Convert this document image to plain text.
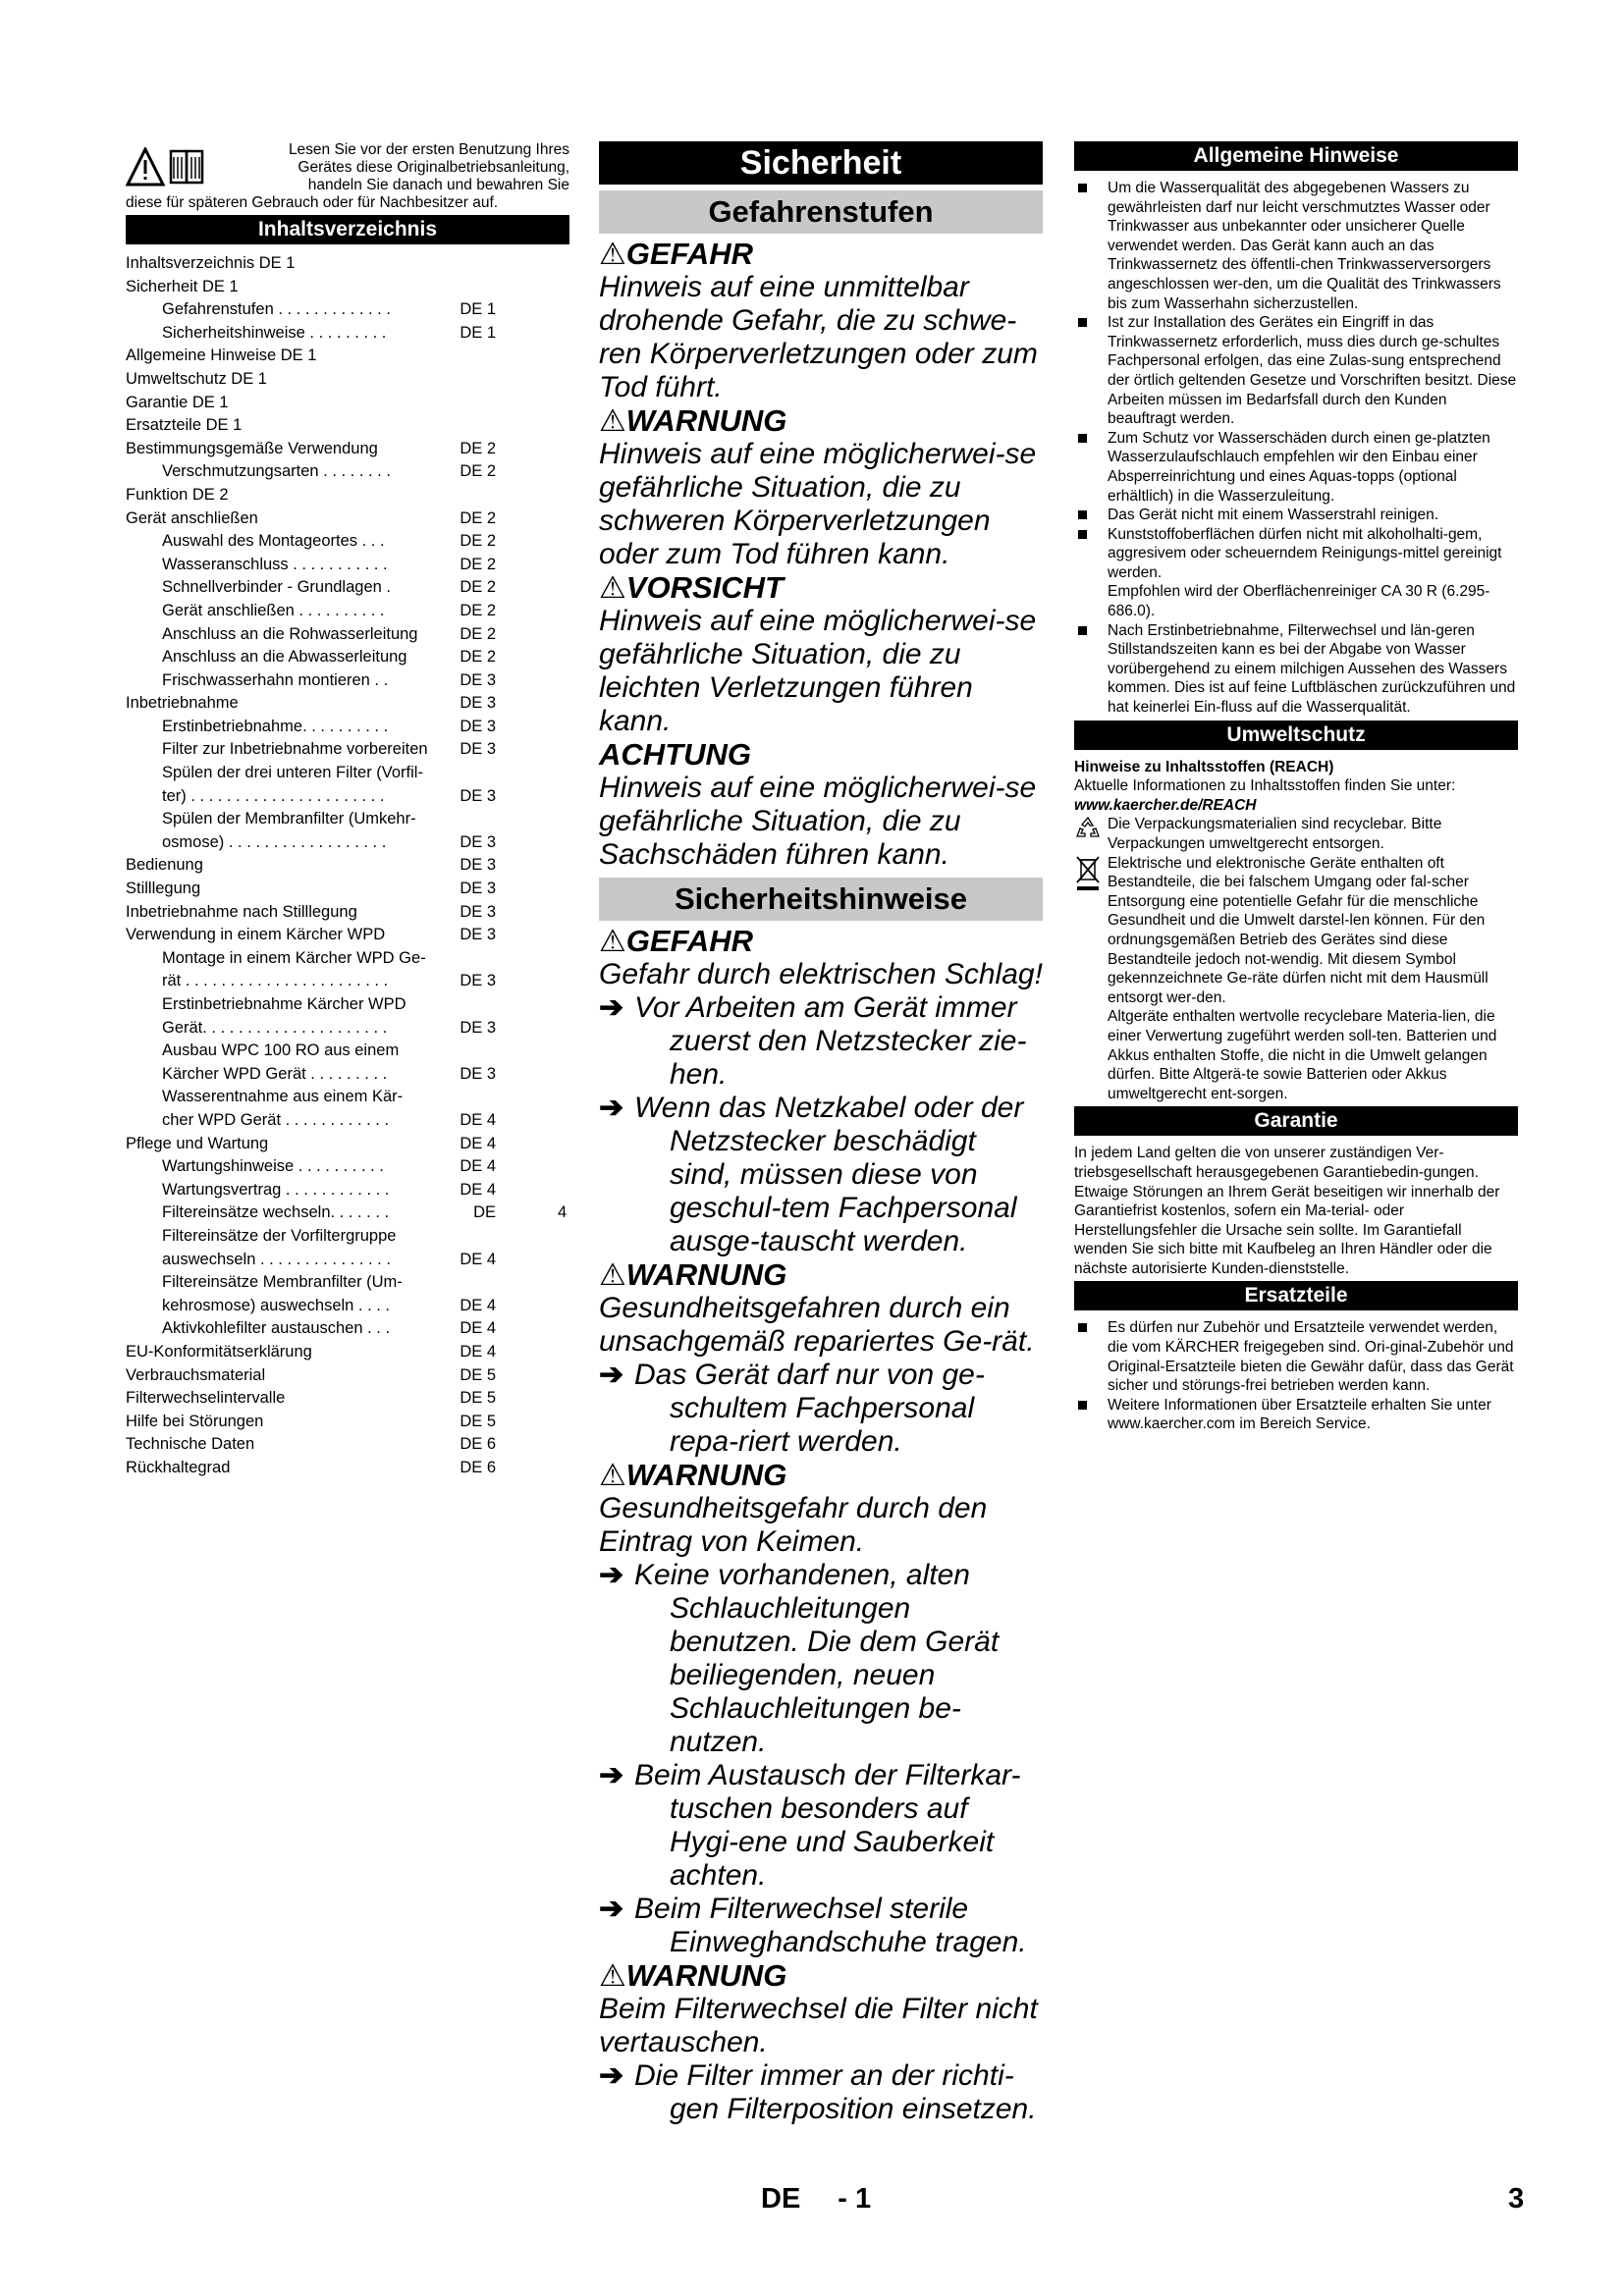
Lesen Sie vor der ersten Benutzung Ihres
Gerätes diese Originalbetriebsanleitung,
handeln Sie danach und bewahren Sie
diese für späteren Gebrauch oder für Nachbesitzer auf.
Inhaltsverzeichnis
Inhaltsverzeichnis DE 1
Sicherheit DE 1
Gefahrenstufen . . . . . . . . . . . . .	DE 1
Sicherheitshinweise . . . . . . . . .	DE 1
Allgemeine Hinweise DE 1
Umweltschutz DE 1
Garantie DE 1
Ersatzteile DE 1
Bestimmungsgemäße Verwendung	DE 2
Verschmutzungsarten . . . . . . . .	DE 2
Funktion DE 2
Gerät anschließen	DE 2
Auswahl des Montageortes . . .	DE 2
Wasseranschluss . . . . . . . . . . .	DE 2
Schnellverbinder - Grundlagen .	DE 2
Gerät anschließen . . . . . . . . . .	DE 2
Anschluss an die Rohwasserleitung	DE 2
Anschluss an die Abwasserleitung	DE 2
Frischwasserhahn montieren . .	DE 3
Inbetriebnahme	DE 3
Erstinbetriebnahme. . . . . . . . . .	DE 3
Filter zur Inbetriebnahme vorbereiten DE 3
Spülen der drei unteren Filter (Vorfil-
ter) . . . . . . . . . . . . . . . . . . . . . .	DE 3
Spülen der Membranfilter (Umkehr-
osmose) . . . . . . . . . . . . . . . . . .	DE 3
Bedienung	DE 3
Stilllegung	DE 3
Inbetriebnahme nach Stilllegung	DE 3
Verwendung in einem Kärcher WPD	DE 3
Montage in einem Kärcher WPD Ge-
rät . . . . . . . . . . . . . . . . . . . . . . .	DE 3
Erstinbetriebnahme Kärcher WPD
Gerät. . . . . . . . . . . . . . . . . . . . .	DE 3
Ausbau WPC 100 RO aus einem
Kärcher WPD Gerät . . . . . . . . .	DE 3
Wasserentnahme aus einem Kär-
cher WPD Gerät . . . . . . . . . . . .	DE 4
Pflege und Wartung	DE 4
Wartungshinweise . . . . . . . . . .	DE 4
Wartungsvertrag . . . . . . . . . . . .	DE 4
Filtereinsätze wechseln. . . . . . .	DE	4
Filtereinsätze der Vorfiltergruppe
auswechseln . . . . . . . . . . . . . . .	DE 4
Filtereinsätze Membranfilter (Um-
kehrosmose) auswechseln . . . .	DE 4
Aktivkohlefilter austauschen . . .	DE 4
EU-Konformitätserklärung	DE 4
Verbrauchsmaterial	DE 5
Filterwechselintervalle	DE 5
Hilfe bei Störungen	DE 5
Technische Daten	DE 6
Rückhaltegrad	DE 6
Sicherheit
Gefahrenstufen
⚠GEFAHR

Hinweis auf eine unmittelbar drohende Gefahr, die zu schwe-ren Körperverletzungen oder zum Tod führt.

⚠WARNUNG

Hinweis auf eine möglicherwei-se gefährliche Situation, die zu schweren Körperverletzungen oder zum Tod führen kann.

⚠VORSICHT

Hinweis auf eine möglicherwei-se gefährliche Situation, die zu leichten Verletzungen führen kann.

ACHTUNG

Hinweis auf eine möglicherwei-se gefährliche Situation, die zu Sachschäden führen kann.

Sicherheitshinweise
⚠GEFAHR

Gefahr durch elektrischen Schlag!

➔ Vor Arbeiten am Gerät immer zuerst den Netzstecker zie-hen.
➔ Wenn das Netzkabel oder der Netzstecker beschädigt sind, müssen diese von geschul-tem Fachpersonal ausge-tauscht werden.
⚠WARNUNG

Gesundheitsgefahren durch ein unsachgemäß repariertes Ge-rät.

➔ Das Gerät darf nur von ge-schultem Fachpersonal repa-riert werden.
⚠WARNUNG

Gesundheitsgefahr durch den Eintrag von Keimen.

➔ Keine vorhandenen, alten Schlauchleitungen benutzen. Die dem Gerät beiliegenden, neuen Schlauchleitungen be-nutzen.
➔ Beim Austausch der Filterkar-tuschen besonders auf Hygi-ene und Sauberkeit achten.
➔ Beim Filterwechsel sterile Einweghandschuhe tragen.
⚠WARNUNG

Beim Filterwechsel die Filter nicht vertauschen.

➔ Die Filter immer an der richti-gen Filterposition einsetzen.
Allgemeine Hinweise
Um die Wasserqualität des abgegebenen Wassers zu gewährleisten darf nur leicht verschmutztes Wasser oder Trinkwasser aus unbekannter oder unsicherer Quelle verwendet werden. Das Gerät kann auch an das Trinkwassernetz des öffentli-chen Trinkwasserversorgers angeschlossen wer-den, um die Qualität des Trinkwassers bis zum Wasserhahn sicherzustellen.
Ist zur Installation des Gerätes ein Eingriff in das Trinkwassernetz erforderlich, muss dies durch ge-schultes Fachpersonal erfolgen, das eine Zulas-sung entsprechend der örtlich geltenden Gesetze und Vorschriften besitzt. Diese Arbeiten müssen im Bedarfsfall durch den Kunden beauftragt werden.
Zum Schutz vor Wasserschäden durch einen ge-platzten Wasserzulaufschlauch empfehlen wir den Einbau einer Absperreinrichtung und eines Aquas-topps (optional erhältlich) in die Wasserzuleitung.
Das Gerät nicht mit einem Wasserstrahl reinigen.
Kunststoffoberflächen dürfen nicht mit alkoholhalti-gem, aggresivem oder scheuerndem Reinigungs-mittel gereinigt werden.
Empfohlen wird der Oberflächenreiniger CA 30 R (6.295-686.0).
Nach Erstinbetriebnahme, Filterwechsel und län-geren Stillstandszeiten kann es bei der Abgabe von Wasser vorübergehend zu einem milchigen Aussehen des Wassers kommen. Dies ist auf feine Luftbläschen zurückzuführen und hat keinerlei Ein-fluss auf die Wasserqualität.
Umweltschutz

Hinweise zu Inhaltsstoffen (REACH)

Aktuelle Informationen zu Inhaltsstoffen finden Sie unter:

www.kaercher.de/REACH

Die Verpackungsmaterialien sind recyclebar. Bitte Verpackungen umweltgerecht entsorgen.
Elektrische und elektronische Geräte enthalten oft Bestandteile, die bei falschem Umgang oder fal-scher Entsorgung eine potentielle Gefahr für die menschliche Gesundheit und die Umwelt darstel-len können. Für den ordnungsgemäßen Betrieb des Gerätes sind diese Bestandteile jedoch not-wendig. Mit diesem Symbol gekennzeichnete Ge-räte dürfen nicht mit dem Hausmüll entsorgt wer-den.
Altgeräte enthalten wertvolle recyclebare Materia-lien, die einer Verwertung zugeführt werden soll-ten. Batterien und Akkus enthalten Stoffe, die nicht in die Umwelt gelangen dürfen. Bitte Altgerä-te sowie Batterien oder Akkus umweltgerecht ent-sorgen.
Garantie

In jedem Land gelten die von unserer zuständigen Ver-triebsgesellschaft herausgegebenen Garantiebedin-gungen. Etwaige Störungen an Ihrem Gerät beseitigen wir innerhalb der Garantiefrist kostenlos, sofern ein Ma-terial- oder Herstellungsfehler die Ursache sein sollte. Im Garantiefall wenden Sie sich bitte mit Kaufbeleg an Ihren Händler oder die nächste autorisierte Kunden-dienststelle.

Ersatzteile
Es dürfen nur Zubehör und Ersatzteile verwendet werden, die vom KÄRCHER freigegeben sind. Ori-ginal-Zubehör und Original-Ersatzteile bieten die Gewähr dafür, dass das Gerät sicher und störungs-frei betrieben werden kann.
Weitere Informationen über Ersatzteile erhalten Sie unter www.kaercher.com im Bereich Service.
DE - 1	3
